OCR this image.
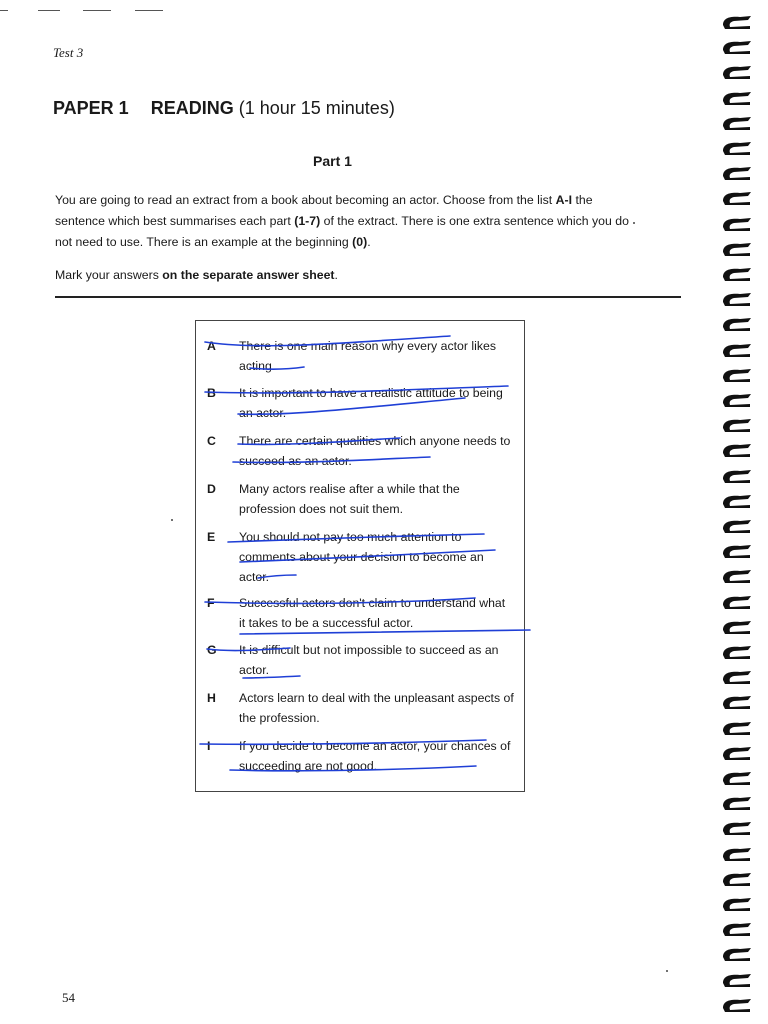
Test 3
PAPER 1 READING (1 hour 15 minutes)
Part 1
You are going to read an extract from a book about becoming an actor. Choose from the list A-I the sentence which best summarises each part (1-7) of the extract. There is one extra sentence which you do not need to use. There is an example at the beginning (0).
Mark your answers on the separate answer sheet.
A There is one main reason why every actor likes acting.
B It is important to have a realistic attitude to being an actor.
C There are certain qualities which anyone needs to succeed as an actor.
D Many actors realise after a while that the profession does not suit them.
E You should not pay too much attention to comments about your decision to become an actor.
F Successful actors don't claim to understand what it takes to be a successful actor.
G It is difficult but not impossible to succeed as an actor.
H Actors learn to deal with the unpleasant aspects of the profession.
I If you decide to become an actor, your chances of succeeding are not good.
54
